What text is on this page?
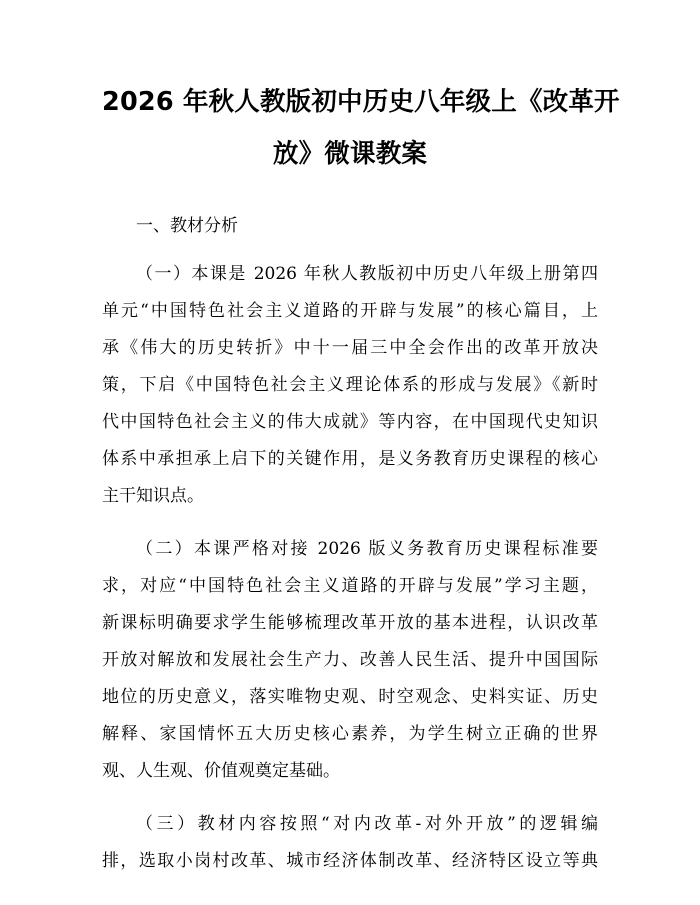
2026 年秋人教版初中历史八年级上《改革开
放》微课教案
一、教材分析
（一）本课是 2026 年秋人教版初中历史八年级上册第四
单元“中国特色社会主义道路的开辟与发展”的核心篇目，上
承《伟大的历史转折》中十一届三中全会作出的改革开放决
策，下启《中国特色社会主义理论体系的形成与发展》《新时
代中国特色社会主义的伟大成就》等内容，在中国现代史知识
体系中承担承上启下的关键作用，是义务教育历史课程的核心
主干知识点。
（二）本课严格对接 2026 版义务教育历史课程标准要
求，对应“中国特色社会主义道路的开辟与发展”学习主题，
新课标明确要求学生能够梳理改革开放的基本进程，认识改革
开放对解放和发展社会生产力、改善人民生活、提升中国国际
地位的历史意义，落实唯物史观、时空观念、史料实证、历史
解释、家国情怀五大历史核心素养，为学生树立正确的世界
观、人生观、价值观奠定基础。
（三）教材内容按照“对内改革-对外开放”的逻辑编
排，选取小岗村改革、城市经济体制改革、经济特区设立等典
